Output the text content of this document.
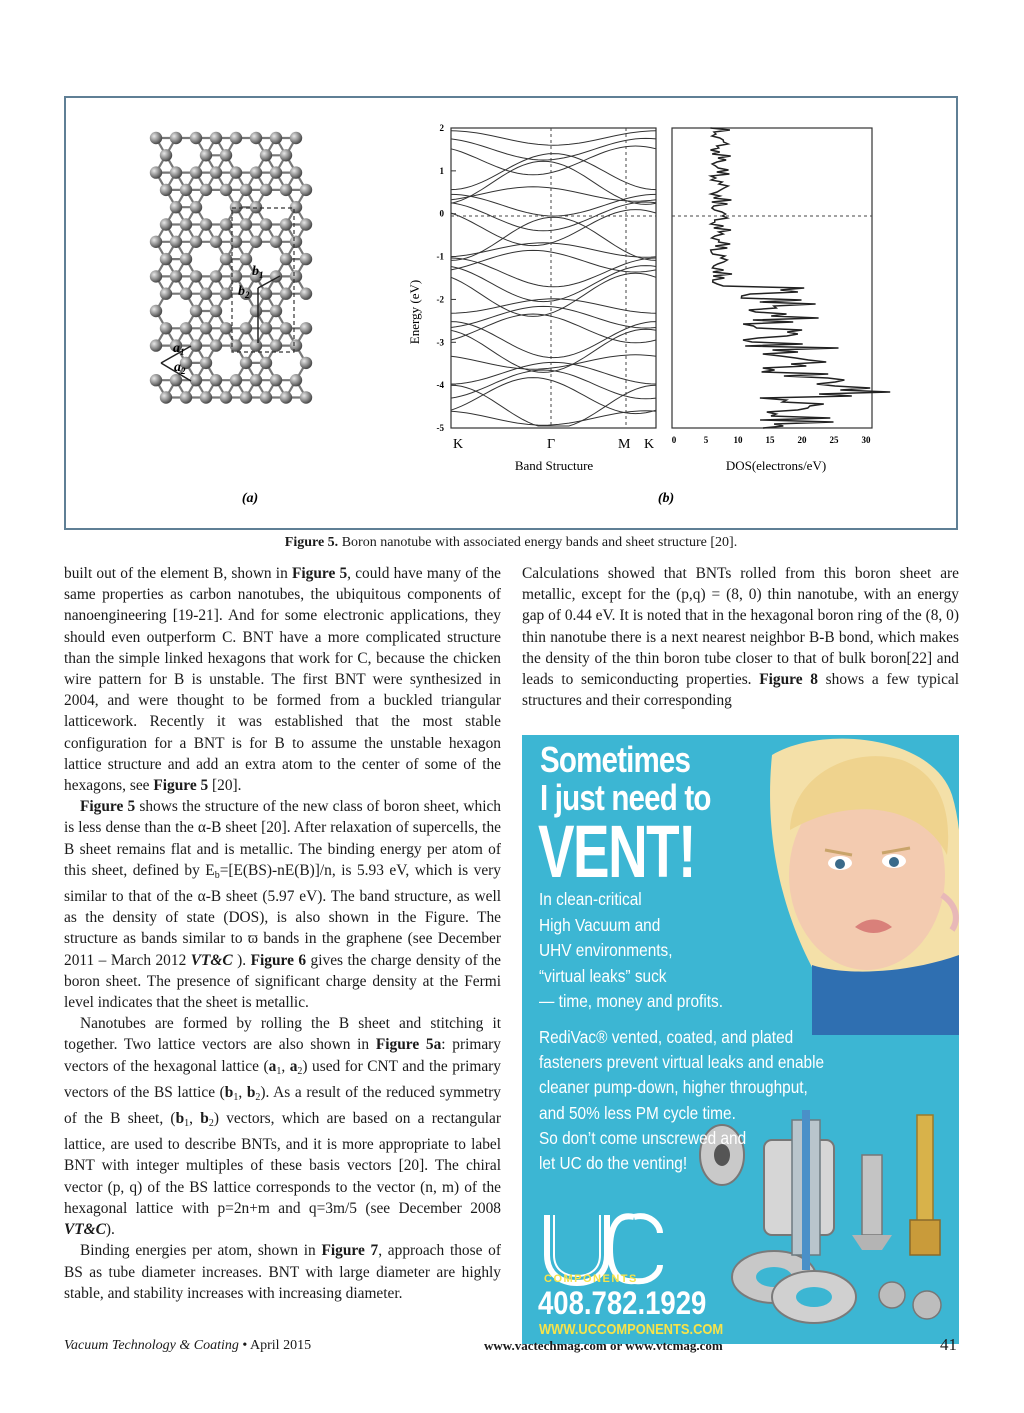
$b_1$
$b_2$
$a_1$
$a_2$
(a)
Energy (eV)
2
1
0
-1
-2
-3
-4
-5
K	Γ	M K
Band Structure
0	5	10	15	20	25	30
DOS(electrons/eV)
(b)
Figure 5. Boron nanotube with associated energy bands and sheet structure [20].

built out of the element B, shown in Figure 5, could have many of the same properties as carbon nanotubes, the ubiquitous components of nanoengineering [19-21]. And for some electronic applications, they should even outperform C. BNT have a more complicated structure than the simple linked hexagons that work for C, because the chicken wire pattern for B is unstable. The first BNT were synthesized in 2004, and were thought to be formed from a buckled triangular latticework. Recently it was established that the most stable configuration for a BNT is for B to assume the unstable hexagon lattice structure and add an extra atom to the center of some of the hexagons, see Figure 5 [20].

Figure 5 shows the structure of the new class of boron sheet, which is less dense than the α-B sheet [20]. After relaxation of supercells, the B sheet remains flat and is metallic. The binding energy per atom of this sheet, defined by $E_b=[E(BS)-nE(B)]/n$, is 5.93 eV, which is very similar to that of the α-B sheet (5.97 eV). The band structure, as well as the density of state (DOS), is also shown in the Figure. The structure as bands similar to ϖ bands in the graphene (see December 2011 – March 2012 VT&C ). Figure 6 gives the charge density of the boron sheet. The presence of significant charge density at the Fermi level indicates that the sheet is metallic.

Nanotubes are formed by rolling the B sheet and stitching it together. Two lattice vectors are also shown in Figure 5a: primary vectors of the hexagonal lattice ($a_1$, $a_2$) used for CNT and the primary vectors of the BS lattice ($b_1$, $b_2$). As a result of the reduced symmetry of the B sheet, ($b_1$, $b_2$) vectors, which are based on a rectangular lattice, are used to describe BNTs, and it is more appropriate to label BNT with integer multiples of these basis vectors [20]. The chiral vector (p, q) of the BS lattice corresponds to the vector (n, m) of the hexagonal lattice with p=2n+m and q=3m/5 (see December 2008 VT&C).

Binding energies per atom, shown in Figure 7, approach those of BS as tube diameter increases. BNT with large diameter are highly stable, and stability increases with increasing diameter.

Calculations showed that BNTs rolled from this boron sheet are metallic, except for the (p,q) = (8, 0) thin nanotube, with an energy gap of 0.44 eV. It is noted that in the hexagonal boron ring of the (8, 0) thin nanotube there is a next nearest neighbor B-B bond, which makes the density of the thin boron tube closer to that of bulk boron[22] and leads to semiconducting properties. Figure 8 shows a few typical structures and their corresponding

Sometimes
I just need to
VENT!
In clean-critical
High Vacuum and
UHV environments,
“virtual leaks” suck
— time, money and profits.
RediVac® vented, coated, and plated
fasteners prevent virtual leaks and enable
cleaner pump-down, higher throughput,
and 50% less PM cycle time.
So don’t come unscrewed and
let UC do the venting!
COMPONENTS
408.782.1929
WWW.UCCOMPONENTS.COM
Vacuum Technology & Coating • April 2015	www.vactechmag.com or www.vtcmag.com	41
